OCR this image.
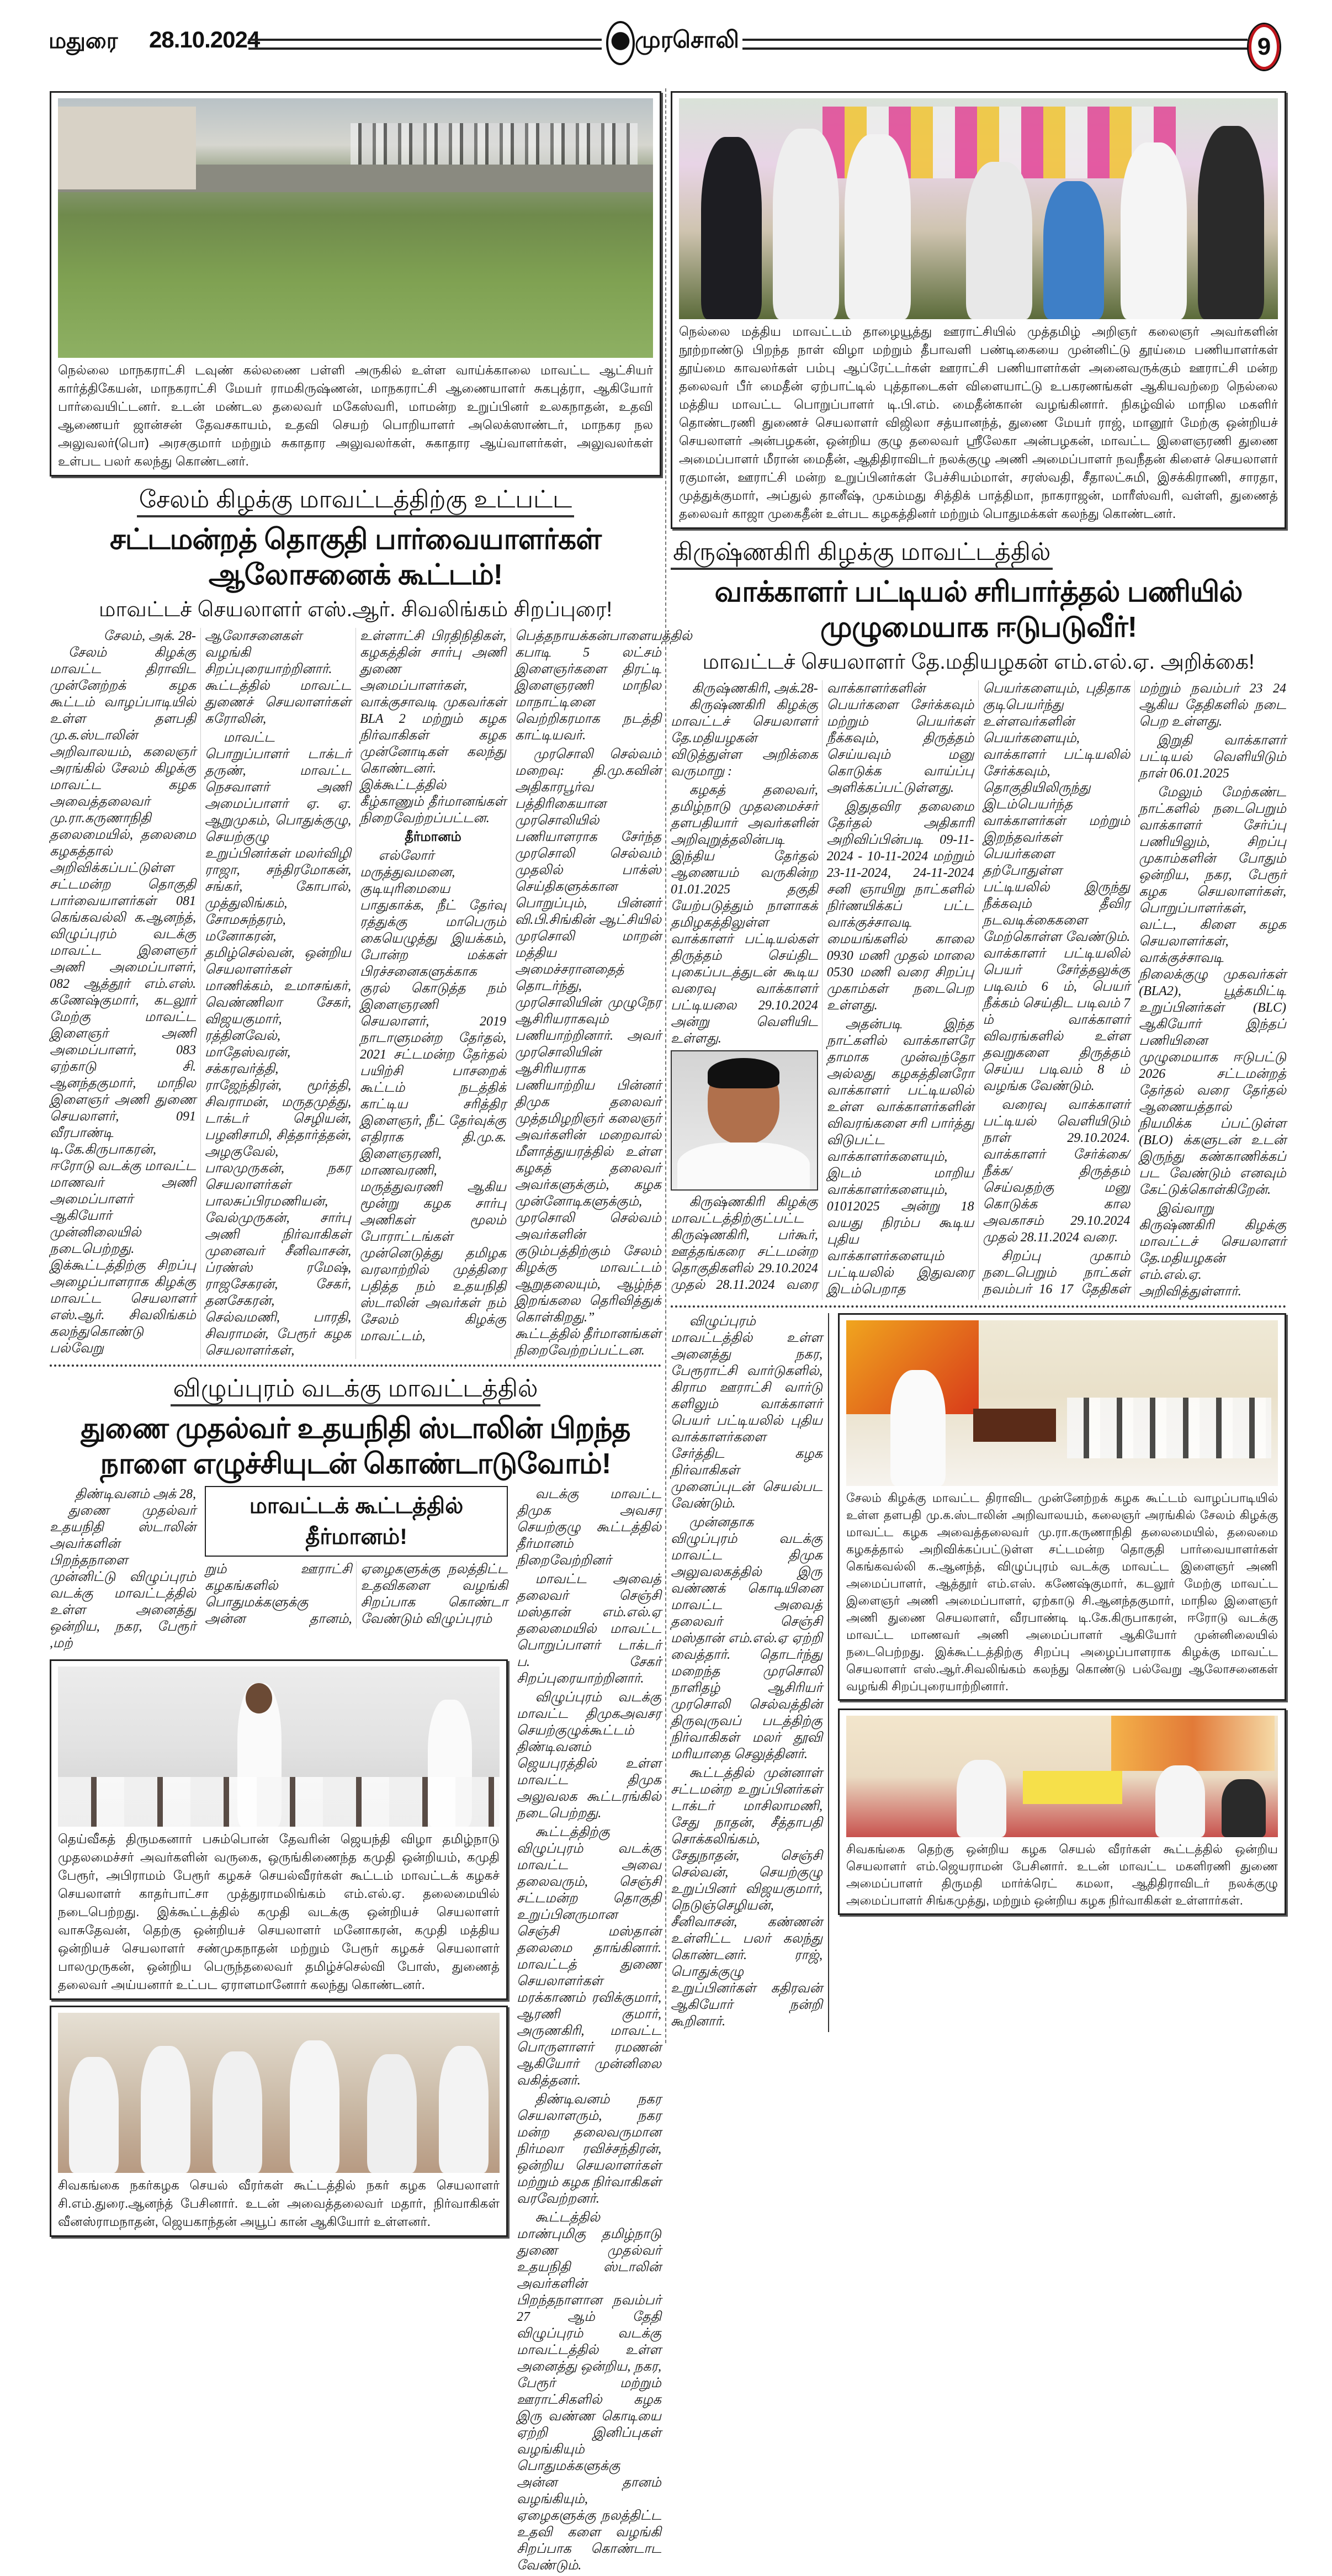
மதுரை 28.10.2024	முரசொலி	9
நெல்லை மாநகராட்சி டவுண் கல்லணை பள்ளி அருகில் உள்ள வாய்க்காலை மாவட்ட ஆட்சியர் கார்த்திகேயன், மாநகராட்சி மேயர் ராமகிருஷ்ணன், மாநகராட்சி ஆணையாளர் சுகபுத்ரா, ஆகியோர் பார்வையிட்டனர். உடன் மண்டல தலைவர் மகேஸ்வரி, மாமன்ற உறுப்பினர் உலகநாதன், உதவி ஆணையர் ஜான்சன் தேவசகாயம், உதவி செயற் பொறியாளர் அலெக்ஸாண்டர், மாநகர நல அலுவலர்(பொ) அரசகுமார் மற்றும் சுகாதார அலுவலர்கள், சுகாதார ஆய்வாளர்கள், அலுவலர்கள் உள்பட பலர் கலந்து கொண்டனர்.
சேலம் கிழக்கு மாவட்டத்திற்கு உட்பட்ட
சட்டமன்றத் தொகுதி பார்வையாளர்கள் ஆலோசனைக் கூட்டம்!
மாவட்டச் செயலாளர் எஸ்.ஆர். சிவலிங்கம் சிறப்புரை!
சேலம், அக். 28-

சேலம் கிழக்கு மாவட்ட திராவிட முன்னேற்றக் கழக கூட்டம் வாழப்பாடியில் உள்ள தளபதி மு.க.ஸ்டாலின் அறிவாலயம், கலைஞர் அரங்கில் சேலம் கிழக்கு மாவட்ட கழக அவைத்தலைவர் மு.ரா.கருணாநிதி தலைமையில், தலைமை கழகத்தால் அறிவிக்கப்பட்டுள்ள சட்டமன்ற தொகுதி பார்வையாளர்கள் 081 கெங்கவல்லி க.ஆனந்த், விழுப்புரம் வடக்கு மாவட்ட இளைஞர் அணி அமைப்பாளர், 082 ஆத்தூர் எம்.எஸ். கணேஷ்குமார், கடலூர் மேற்கு மாவட்ட இளைஞர் அணி அமைப்பாளர், 083 ஏற்காடு சி. ஆனந்தகுமார், மாநில இளைஞர் அணி துணை செயலாளர், 091 வீரபாண்டி டி.கே.கிருபாகரன், ஈரோடு வடக்கு மாவட்ட மாணவர் அணி அமைப்பாளர் ஆகியோர் முன்னிலையில் நடைபெற்றது. இக்கூட்டத்திற்கு சிறப்பு அழைப்பாளராக கிழக்கு மாவட்ட செயலாளர் எஸ்.ஆர். சிவலிங்கம் கலந்துகொண்டு பல்வேறு ஆலோசனைகள் வழங்கி சிறப்புரையாற்றினார். கூட்டத்தில் மாவட்ட துணைச் செயலாளர்கள் கரோலின்,

மாவட்ட பொறுப்பாளர் டாக்டர் தருண், மாவட்ட நெசவாளர் அணி அமைப்பாளர் ஏ. ஏ. ஆறுமுகம், பொதுக்குழு, செயற்குழு உறுப்பினர்கள் மலர்விழி ராஜா, சந்திரமோகன், சங்கர், கோபால், முத்துலிங்கம், சோமசுந்தரம், மனோகரன், தமிழ்செல்வன், ஒன்றிய செயலாளர்கள் மாணிக்கம், உமாசங்கர், வெண்ணிலா சேகர், விஜயகுமார், ரத்தினவேல், மாதேஸ்வரன், சக்கரவர்த்தி, ராஜேந்திரன், மூர்த்தி, சிவராமன், மருதமுத்து, டாக்டர் செழியன், பழனிசாமி, சித்தார்த்தன், அழகுவேல், பாலமுருகன், நகர செயலாளர்கள் பாலசுப்பிரமணியன், வேல்முருகன், சார்பு அணி நிர்வாகிகள் முனைவர் சீனிவாசன், ப்ரண்ஸ் ரமேஷ், ராஜசேகரன், சேகர், தனசேகரன், செல்வமணி, பாரதி, சிவராமன், பேரூர் கழக செயலாளர்கள், உள்ளாட்சி பிரதிநிதிகள், கழகத்தின் சார்பு அணி துணை அமைப்பாளர்கள், வாக்குசாவடி முகவர்கள் BLA 2 மற்றும் கழக நிர்வாகிகள் கழக முன்னோடிகள் கலந்து கொண்டனர். இக்கூட்டத்தில் கீழ்காணும் தீர்மானங்கள் நிறைவேற்றப்பட்டன.

தீர்மானம்

எல்லோர் மருத்துவமனை, குடியுரிமையை பாதுகாக்க, நீட் தேர்வு ரத்துக்கு மாபெரும் கையெழுத்து இயக்கம், போன்ற மக்கள் பிரச்சனைகளுக்காக குரல் கொடுத்த நம் இளைஞரணி செயலாளர், 2019 நாடாளுமன்ற தேர்தல், 2021 சட்டமன்ற தேர்தல் பயிற்சி பாசறைக் கூட்டம் நடத்திக் காட்டிய சரித்திர இளைஞர், நீட் தேர்வுக்கு எதிராக தி.மு.க. இளைஞரணி, மாணவரணி, மருத்துவரணி ஆகிய மூன்று கழக சார்பு அணிகள் மூலம் போராட்டங்கள் முன்னெடுத்து தமிழக வரலாற்றில் முத்திரை பதித்த நம் உதயநிதி ஸ்டாலின் அவர்கள் நம் சேலம் கிழக்கு மாவட்டம், பெத்தநாயக்கன்பாளையத்தில் கபாடி 5 லட்சம் இளைஞர்களை திரட்டி இளைஞரணி மாநில மாநாட்டினை வெற்றிகரமாக நடத்தி காட்டியவர்.

முரசொலி செல்வம் மறைவு: தி.மு.கவின் அதிகாரபூர்வ பத்திரிகையான முரசொலியில் பணியாளராக சேர்ந்த முரசொலி செல்வம் முதலில் பாக்ஸ் செய்திகளுக்கான பொறுப்பும், பின்னர் வி.பி.சிங்கின் ஆட்சியில் முரசொலி மாறன் மத்திய அமைச்சரானதைத் தொடர்ந்து, முரசொலியின் முழுநேர ஆசிரியராகவும் பணியாற்றினார். அவர் முரசொலியின் ஆசிரியராக பணியாற்றிய பின்னர் திமுக தலைவர் முத்தமிழறிஞர் கலைஞர் அவர்களின் மறைவால் மீளாத்துயரத்தில் உள்ள கழகத் தலைவர் அவர்களுக்கும், கழக முன்னோடிகளுக்கும், முரசொலி செல்வம் அவர்களின் குடும்பத்திற்கும் சேலம் கிழக்கு மாவட்டம் ஆறுதலையும், ஆழ்ந்த இறங்கலை தெரிவித்துக் கொள்கிறது.” கூட்டத்தில் தீர்மானங்கள் நிறைவேற்றப்பட்டன.

விழுப்புரம் வடக்கு மாவட்டத்தில்
துணை முதல்வர் உதயநிதி ஸ்டாலின் பிறந்த நாளை எழுச்சியுடன் கொண்டாடுவோம்!
திண்டிவனம் அக் 28,

துணை முதல்வர் உதயநிதி ஸ்டாலின் அவர்களின் பிறந்தநாளை முன்னிட்டு விழுப்புரம் வடக்கு மாவட்டத்தில் உள்ள அனைத்து ஒன்றிய, நகர, பேரூர் ,மற்

மாவட்டக் கூட்டத்தில் தீர்மானம்!

றும் ஊராட்சி கழகங்களில் பொதுமக்களுக்கு அன்ன தானம், ஏழைகளுக்கு நலத்திட்ட உதவிகளை வழங்கி சிறப்பாக கொண்டா வேண்டும் விழுப்புரம்

தெய்வீகத் திருமகனார் பசும்பொன் தேவரின் ஜெயந்தி விழா தமிழ்நாடு முதலமைச்சர் அவர்களின் வருகை, ஒருங்கிணைந்த கமுதி ஒன்றியம், கமுதி பேரூர், அபிராமம் பேரூர் கழகச் செயல்வீரர்கள் கூட்டம் மாவட்டக் கழகச் செயலாளர் காதர்பாட்சா முத்துராமலிங்கம் எம்.எல்.ஏ. தலைமையில் நடைபெற்றது. இக்கூட்டத்தில் கமுதி வடக்கு ஒன்றியச் செயலாளர் வாசுதேவன், தெற்கு ஒன்றியச் செயலாளர் மனோகரன், கமுதி மத்திய ஒன்றியச் செயலாளர் சண்முகநாதன் மற்றும் பேரூர் கழகச் செயலாளர் பாலமுருகன், ஒன்றிய பெருந்தலைவர் தமிழ்ச்செல்வி போஸ், துணைத் தலைவர் அய்யனார் உட்பட ஏராளமானோர் கலந்து கொண்டனர்.
சிவகங்கை நகர்கழக செயல் வீரர்கள் கூட்டத்தில் நகர் கழக செயலாளர் சி.எம்.துரை.ஆனந்த் பேசினார். உடன் அவைத்தலைவர் மதார், நிர்வாகிகள் வீனஸ்ராமநாதன், ஜெயகாந்தன் அயூப் கான் ஆகியோர் உள்ளனர்.

வடக்கு மாவட்ட திமுக அவசர செயற்குழு கூட்டத்தில் தீர்மானம் நிறைவேற்றினர்

மாவட்ட அவைத் தலைவர் செஞ்சி மஸ்தான் எம்.எல்.ஏ தலைமையில் மாவட்ட பொறுப்பாளர் டாக்டர் ப. சேகர் சிறப்புரையாற்றினார்.

விழுப்புரம் வடக்கு மாவட்ட திமுகஅவசர செயற்குழுக்கூட்டம் திண்டிவனம் ஜெயபுரத்தில் உள்ள மாவட்ட திமுக அலுவலக கூட்டரங்கில் நடைபெற்றது.

கூட்டத்திற்கு விழுப்புரம் வடக்கு மாவட்ட அவை தலைவரும், செஞ்சி சட்டமன்ற தொகுதி உறுப்பினருமான செஞ்சி மஸ்தான் தலைமை தாங்கினார். மாவட்டத் துணை செயலாளர்கள் மரக்காணம் ரவிக்குமார், ஆரணி குமார், அருணகிரி, மாவட்ட பொருளாளர் ரமணன் ஆகியோர் முன்னிலை வகித்தனர்.

திண்டிவனம் நகர செயலாளரும், நகர மன்ற தலைவருமான நிர்மலா ரவிச்சந்திரன், ஒன்றிய செயலாளர்கள் மற்றும் கழக நிர்வாகிகள் வரவேற்றனர்.

கூட்டத்தில் மாண்புமிகு தமிழ்நாடு துணை முதல்வர் உதயநிதி ஸ்டாலின் அவர்களின் பிறந்தநாளான நவம்பர் 27 ஆம் தேதி விழுப்புரம் வடக்கு மாவட்டத்தில் உள்ள அனைத்து ஒன்றிய, நகர, பேரூர் மற்றும் ஊராட்சிகளில் கழக இரு வண்ண கொடியை ஏற்றி இனிப்புகள் வழங்கியும் பொதுமக்களுக்கு அன்ன தானம் வழங்கியும், ஏழைகளுக்கு நலத்திட்ட உதவி களை வழங்கி சிறப்பாக கொண்டாட வேண்டும்.

நெல்லை மத்திய மாவட்டம் தாழையூத்து ஊராட்சியில் முத்தமிழ் அறிஞர் கலைஞர் அவர்களின் நூற்றாண்டு பிறந்த நாள் விழா மற்றும் தீபாவளி பண்டிகையை முன்னிட்டு தூய்மை பணியாளர்கள் தூய்மை காவலர்கள் பம்பு ஆப்ரேட்டர்கள் ஊராட்சி பணியாளர்கள் அனைவருக்கும் ஊராட்சி மன்ற தலைவர் பீர் மைதீன் ஏற்பாட்டில் புத்தாடைகள் விளையாட்டு உபகரணங்கள் ஆகியவற்றை நெல்லை மத்திய மாவட்ட பொறுப்பாளர் டி.பி.எம். மைதீன்கான் வழங்கினார். நிகழ்வில் மாநில மகளிர் தொண்டரணி துணைச் செயலாளர் விஜிலா சத்யானந்த், துணை மேயர் ராஜ், மானூர் மேற்கு ஒன்றியச் செயலாளர் அன்பழகன், ஒன்றிய குழு தலைவர் ஸ்ரீலேகா அன்பழகன், மாவட்ட இளைஞரணி துணை அமைப்பாளர் மீரான் மைதீன், ஆதிதிராவிடர் நலக்குழு அணி அமைப்பாளர் நவநீதன் கிளைச் செயலாளர் ரகுமான், ஊராட்சி மன்ற உறுப்பினர்கள் பேச்சியம்மாள், சரஸ்வதி, சீதாலட்சுமி, இசக்கிராணி, சாரதா, முத்துக்குமார், அப்துல் தானீஷ், முகம்மது சித்திக் பாத்திமா, நாகராஜன், மாரீஸ்வரி, வள்ளி, துணைத் தலைவர் காஜா முகைதீன் உள்பட கழகத்தினர் மற்றும் பொதுமக்கள் கலந்து கொண்டனர்.
கிருஷ்ணகிரி கிழக்கு மாவட்டத்தில்
வாக்காளர் பட்டியல் சரிபார்த்தல் பணியில் முழுமையாக ஈடுபடுவீர்!
மாவட்டச் செயலாளர் தே.மதியழகன் எம்.எல்.ஏ. அறிக்கை!
கிருஷ்ணகிரி, அக்.28-

கிருஷ்ணகிரி கிழக்கு மாவட்டச் செயலாளர் தே.மதியழகன் விடுத்துள்ள அறிக்கை வருமாறு :

கழகத் தலைவர், தமிழ்நாடு முதலமைச்சர் தளபதியார் அவர்களின் அறிவுறுத்தலின்படி இந்திய தேர்தல் ஆணையம் வருகின்ற 01.01.2025 தகுதி யேற்படுத்தும் நாளாகக் தமிழகத்திலுள்ள வாக்காளர் பட்டியல்கள் திருத்தம் செய்திட புகைப்படத்துடன் கூடிய வரைவு வாக்காளர் பட்டியலை 29.10.2024 அன்று வெளியிட உள்ளது.

கிருஷ்ணகிரி கிழக்கு மாவட்டத்திற்குட்பட்ட கிருஷ்ணகிரி, பர்கூர், ஊத்தங்கரை சட்டமன்ற தொகுதிகளில் 29.10.2024 முதல் 28.11.2024 வரை வாக்காளர்களின் பெயர்களை சேர்க்கவும் மற்றும் பெயர்கள் நீக்கவும், திருத்தம் செய்யவும் மனு கொடுக்க வாய்ப்பு அளிக்கப்பட்டுள்ளது.

இதுதவிர தலைமை தேர்தல் அதிகாரி அறிவிப்பின்படி 09-11-2024 - 10-11-2024 மற்றும் 23-11-2024, 24-11-2024 சனி ஞாயிறு நாட்களில் நிர்ணயிக்கப் பட்ட வாக்குச்சாவடி மையங்களில் காலை 0930 மணி முதல் மாலை 0530 மணி வரை சிறப்பு முகாம்கள் நடைபெற உள்ளது.

அதன்படி இந்த நாட்களில் வாக்காளரே தாமாக முன்வந்தோ அல்லது கழகத்தினரோ வாக்காளர் பட்டியலில் உள்ள வாக்காளர்களின் விவரங்களை சரி பார்த்து விடுபட்ட வாக்காளர்களையும், இடம் மாறிய வாக்காளர்களையும், 01012025 அன்று 18 வயது நிரம்ப கூடிய புதிய வாக்காளர்களையும் பட்டியலில் இதுவரை இடம்பெறாத பெயர்களையும், புதிதாக குடிபெயர்ந்து உள்ளவர்களின் பெயர்களையும், வாக்காளர் பட்டியலில் சேர்க்கவும், தொகுதியிலிருந்து இடம்பெயர்ந்த வாக்காளர்கள் மற்றும் இறந்தவர்கள் பெயர்களை தற்போதுள்ள பட்டியலில் இருந்து நீக்கவும் தீவிர நடவடிக்கைகளை மேற்கொள்ள வேண்டும். வாக்காளர் பட்டியலில் பெயர் சேர்த்தலுக்கு படிவம் 6 ம், பெயர் நீக்கம் செய்திட படிவம் 7 ம் வாக்காளர் விவரங்களில் உள்ள தவறுகளை திருத்தம் செய்ய படிவம் 8 ம் வழங்க வேண்டும்.

வரைவு வாக்காளர் பட்டியல் வெளியிடும் நாள் 29.10.2024. வாக்காளர் சேர்க்கை/ நீக்க/ திருத்தம் செய்வதற்கு மனு கொடுக்க கால அவகாசம் 29.10.2024 முதல் 28.11.2024 வரை.

சிறப்பு முகாம் நடைபெறும் நாட்கள் நவம்பர் 16 17 தேதிகள் மற்றும் நவம்பர் 23 24 ஆகிய தேதிகளில் நடை பெற உள்ளது.

இறுதி வாக்காளர் பட்டியல் வெளியிடும் நாள் 06.01.2025

மேலும் மேற்கண்ட நாட்களில் நடைபெறும் வாக்காளர் சேர்ப்பு பணியிலும், சிறப்பு முகாம்களின் போதும் ஒன்றிய, நகர, பேரூர் கழக செயலாளர்கள், பொறுப்பாளர்கள், வட்ட, கிளை கழக செயலாளர்கள், வாக்குச்சாவடி நிலைக்குழு முகவர்கள் (BLA2), பூத்கமிட்டி உறுப்பினர்கள் (BLC) ஆகியோர் இந்தப் பணியினை முழுமையாக ஈடுபட்டு 2026 சட்டமன்றத் தேர்தல் வரை தேர்தல் ஆணையத்தால் நியமிக்க ப்பட்டுள்ள (BLO) க்களுடன் உடன் இருந்து கண்காணிக்கப் பட வேண்டும் எனவும் கேட்டுக்கொள்கிறேன்.

இவ்வாறு கிருஷ்ணகிரி கிழக்கு மாவட்டச் செயலாளர் தே.மதியழகன் எம்.எல்.ஏ. அறிவித்துள்ளார்.

விழுப்புரம் மாவட்டத்தில் உள்ள அனைத்து நகர, பேரூராட்சி வார்டுகளில், கிராம ஊராட்சி வார்டு களிலும் வாக்காளர் பெயர் பட்டியலில் புதிய வாக்காளர்களை சேர்த்திட கழக நிர்வாகிகள் முனைப்புடன் செயல்பட வேண்டும்.

முன்னதாக விழுப்புரம் வடக்கு மாவட்ட திமுக அலுவலகத்தில் இரு வண்ணக் கொடியினை மாவட்ட அவைத் தலைவர் செஞ்சி மஸ்தான் எம்.எல்.ஏ ஏற்றி வைத்தார். தொடர்ந்து மறைந்த முரசொலி நாளிதழ் ஆசிரியர் முரசொலி செல்வத்தின் திருவுருவப் படத்திற்கு நிர்வாகிகள் மலர் தூவி மரியாதை செலுத்தினர்.

கூட்டத்தில் முன்னாள் சட்டமன்ற உறுப்பினர்கள் டாக்டர் மாசிலாமணி, சேது நாதன், சீத்தாபதி சொக்கலிங்கம், சேதுநாதன், செஞ்சி செல்வன், செயற்குழு உறுப்பினர் விஜயகுமார், நெடுஞ்செழியன், சீனிவாசன், கண்ணன் உள்ளிட்ட பலர் கலந்து கொண்டனர். ராஜ், பொதுக்குழு உறுப்பினர்கள் கதிரவன் ஆகியோர் நன்றி கூறினார்.

சேலம் கிழக்கு மாவட்ட திராவிட முன்னேற்றக் கழக கூட்டம் வாழப்பாடியில் உள்ள தளபதி மு.க.ஸ்டாலின் அறிவாலயம், கலைஞர் அரங்கில் சேலம் கிழக்கு மாவட்ட கழக அவைத்தலைவர் மு.ரா.கருணாநிதி தலைமையில், தலைமை கழகத்தால் அறிவிக்கப்பட்டுள்ள சட்டமன்ற தொகுதி பார்வையாளர்கள் கெங்கவல்லி க.ஆனந்த், விழுப்புரம் வடக்கு மாவட்ட இளைஞர் அணி அமைப்பாளர், ஆத்தூர் எம்.எஸ். கணேஷ்குமார், கடலூர் மேற்கு மாவட்ட இளைஞர் அணி அமைப்பாளர், ஏற்காடு சி.ஆனந்தகுமார், மாநில இளைஞர் அணி துணை செயலாளர், வீரபாண்டி டி.கே.கிருபாகரன், ஈரோடு வடக்கு மாவட்ட மாணவர் அணி அமைப்பாளர் ஆகியோர் முன்னிலையில் நடைபெற்றது. இக்கூட்டத்திற்கு சிறப்பு அழைப்பாளராக கிழக்கு மாவட்ட செயலாளர் எஸ்.ஆர்.சிவலிங்கம் கலந்து கொண்டு பல்வேறு ஆலோசனைகள் வழங்கி சிறப்புரையாற்றினார்.
சிவகங்கை தெற்கு ஒன்றிய கழக செயல் வீரர்கள் கூட்டத்தில் ஒன்றிய செயலாளர் எம்.ஜெயராமன் பேசினார். உடன் மாவட்ட மகளிரணி துணை அமைப்பாளர் திருமதி மார்க்ரெட் கமலா, ஆதிதிராவிடர் நலக்குழு அமைப்பாளர் சிங்கமுத்து, மற்றும் ஒன்றிய கழக நிர்வாகிகள் உள்ளார்கள்.
